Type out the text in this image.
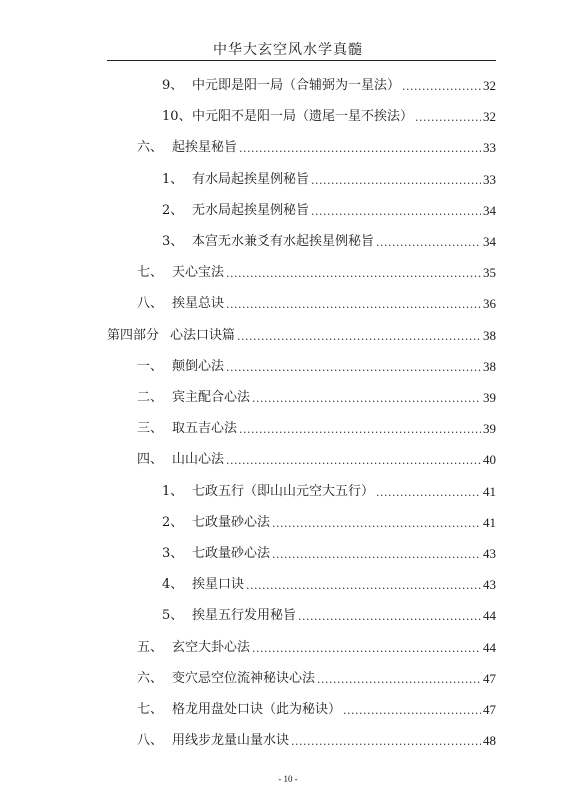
中华大玄空风水学真髓
9、 中元即是阳一局（合辅弼为一星法） .....	32
10、 中元阳不是阳一局（遗尾一星不挨法） .....	32
六、 起挨星秘旨 .....	33
1、 有水局起挨星例秘旨 .....	33
2、 无水局起挨星例秘旨 .....	34
3、 本宫无水兼爻有水起挨星例秘旨 .....	34
七、 天心宝法 .....	35
八、 挨星总诀 .....	36
第四部分 心法口诀篇 .....	38
一、 颠倒心法 .....	38
二、 宾主配合心法 .....	39
三、 取五吉心法 .....	39
四、 山山心法 .....	40
1、 七政五行（即山山元空大五行） .....	41
2、 七政量砂心法 .....	41
3、 七政量砂心法 .....	43
4、 挨星口诀 .....	43
5、 挨星五行发用秘旨 .....	44
五、 玄空大卦心法 .....	44
六、 变穴忌空位流神秘诀心法 .....	47
七、 格龙用盘处口诀（此为秘诀） .....	47
八、 用线步龙量山量水诀 .....	48
- 10 -
